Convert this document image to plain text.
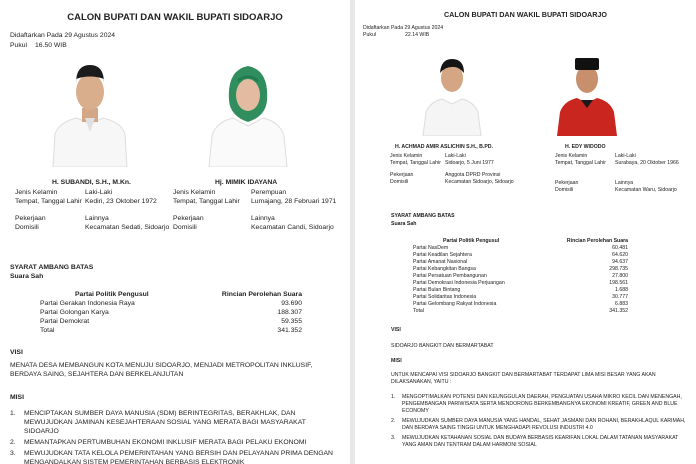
CALON BUPATI DAN WAKIL BUPATI SIDOARJO
Didaftarkan Pada 29 Agustus 2024
Pukul 16.50 WIB
H. SUBANDI, S.H., M.Kn.	Hj. MIMIK IDAYANA
Jenis Kelamin	Laki-Laki
Tempat, Tanggal Lahir Kediri, 23 Oktober 1972
Pekerjaan	Lainnya
Domisili	Kecamatan Sedati, Sidoarjo
Jenis Kelamin	Perempuan
Tempat, Tanggal Lahir	Lumajang, 28 Februari 1971
Pekerjaan	Lainnya
Domisili	Kecamatan Candi, Sidoarjo
SYARAT AMBANG BATAS
Suara Sah
Partai Politik Pengusul	Rincian Perolehan Suara
Partai Gerakan Indonesia Raya	93.690
Partai Golongan Karya	188.307
Partai Demokrat	59.355
Total	341.352
VISI
MENATA DESA MEMBANGUN KOTA MENUJU SIDOARJO, MENJADI METROPOLITAN INKLUSIF, BERDAYA SAING, SEJAHTERA DAN BERKELANJUTAN
MISI
1. MENCIPTAKAN SUMBER DAYA MANUSIA (SDM) BERINTEGRITAS, BERAKHLAK, DAN MEWUJUDKAN JAMINAN KESEJAHTERAAN SOSIAL YANG MERATA BAGI MASYARAKAT SIDOARJO
2. MEMANTAPKAN PERTUMBUHAN EKONOMI INKLUSIF MERATA BAGI PELAKU EKONOMI
3. MEWUJUDKAN TATA KELOLA PEMERINTAHAN YANG BERSIH DAN PELAYANAN PRIMA DENGAN MENGANDALKAN SISTEM PEMERINTAHAN BERBASIS ELEKTRONIK
CALON BUPATI DAN WAKIL BUPATI SIDOARJO
Didaftarkan Pada 29 Agustus 2024
Pukul	22.14 WIB
H. ACHMAD AMIR ASLICHIN S.H., B.PD.	H. EDY WIDODO
Jenis Kelamin	Laki-Laki
Tempat, Tanggal Lahir Sidoarjo, 5 Juni 1977
Pekerjaan	Anggota DPRD Provinsi
Domisili	Kecamatan Sidoarjo, Sidoarjo
Jenis Kelamin	Laki-Laki
Tempat, Tanggal Lahir	Surabaya, 20 Oktober 1966
Pekerjaan	Lainnya
Domisili	Kecamatan Waru, Sidoarjo
SYARAT AMBANG BATAS
Suara Sah
Partai Politik Pengusul	Rincian Perolehan Suara
Partai NasDem	60.481
Partai Keadilan Sejahtera	64.620
Partai Amanat Nasional	94.637
Partai Kebangkitan Bangsa	298.735
Partai Persatuan Pembangunan	27.800
Partai Demokrasi Indonesia Perjuangan	198.561
Partai Bulan Bintang	1.688
Partai Solidaritas Indonesia	30.777
Partai Gelombang Rakyat Indonesia	6.883
Total	341.352
VISI
SIDOARJO BANGKIT DAN BERMARTABAT
MISI
UNTUK MENCAPAI VISI SIDOARJO BANGKIT DAN BERMARTABAT TERDAPAT LIMA MISI BESAR YANG AKAN DILAKSANAKAN, YAITU :
1. MENGOPTIMALKAN POTENSI DAN KEUNGGULAN DAERAH, PENGUATAN USAHA MIKRO KECIL DAN MENENGAH, PENGEMBANGAN PARIWISATA SERTA MENDORONG BERKEMBANGNYA EKONOMI KREATIF, GREEN AND BLUE ECONOMY
2. MEWUJUDKAN SUMBER DAYA MANUSIA YANG HANDAL, SEHAT JASMANI DAN ROHANI, BERAKHLAQUL KARIMAH, DAN BERDAYA SAING TINGGI UNTUK MENGHADAPI REVOLUSI INDUSTRI 4.0
3. MEWUJUDKAN KETAHANAN SOSIAL DAN BUDAYA BERBASIS KEARIFAN LOKAL DALAM TATANAN MASYARAKAT YANG AMAN DAN TENTRAM DALAM HARMONI SOSIAL
